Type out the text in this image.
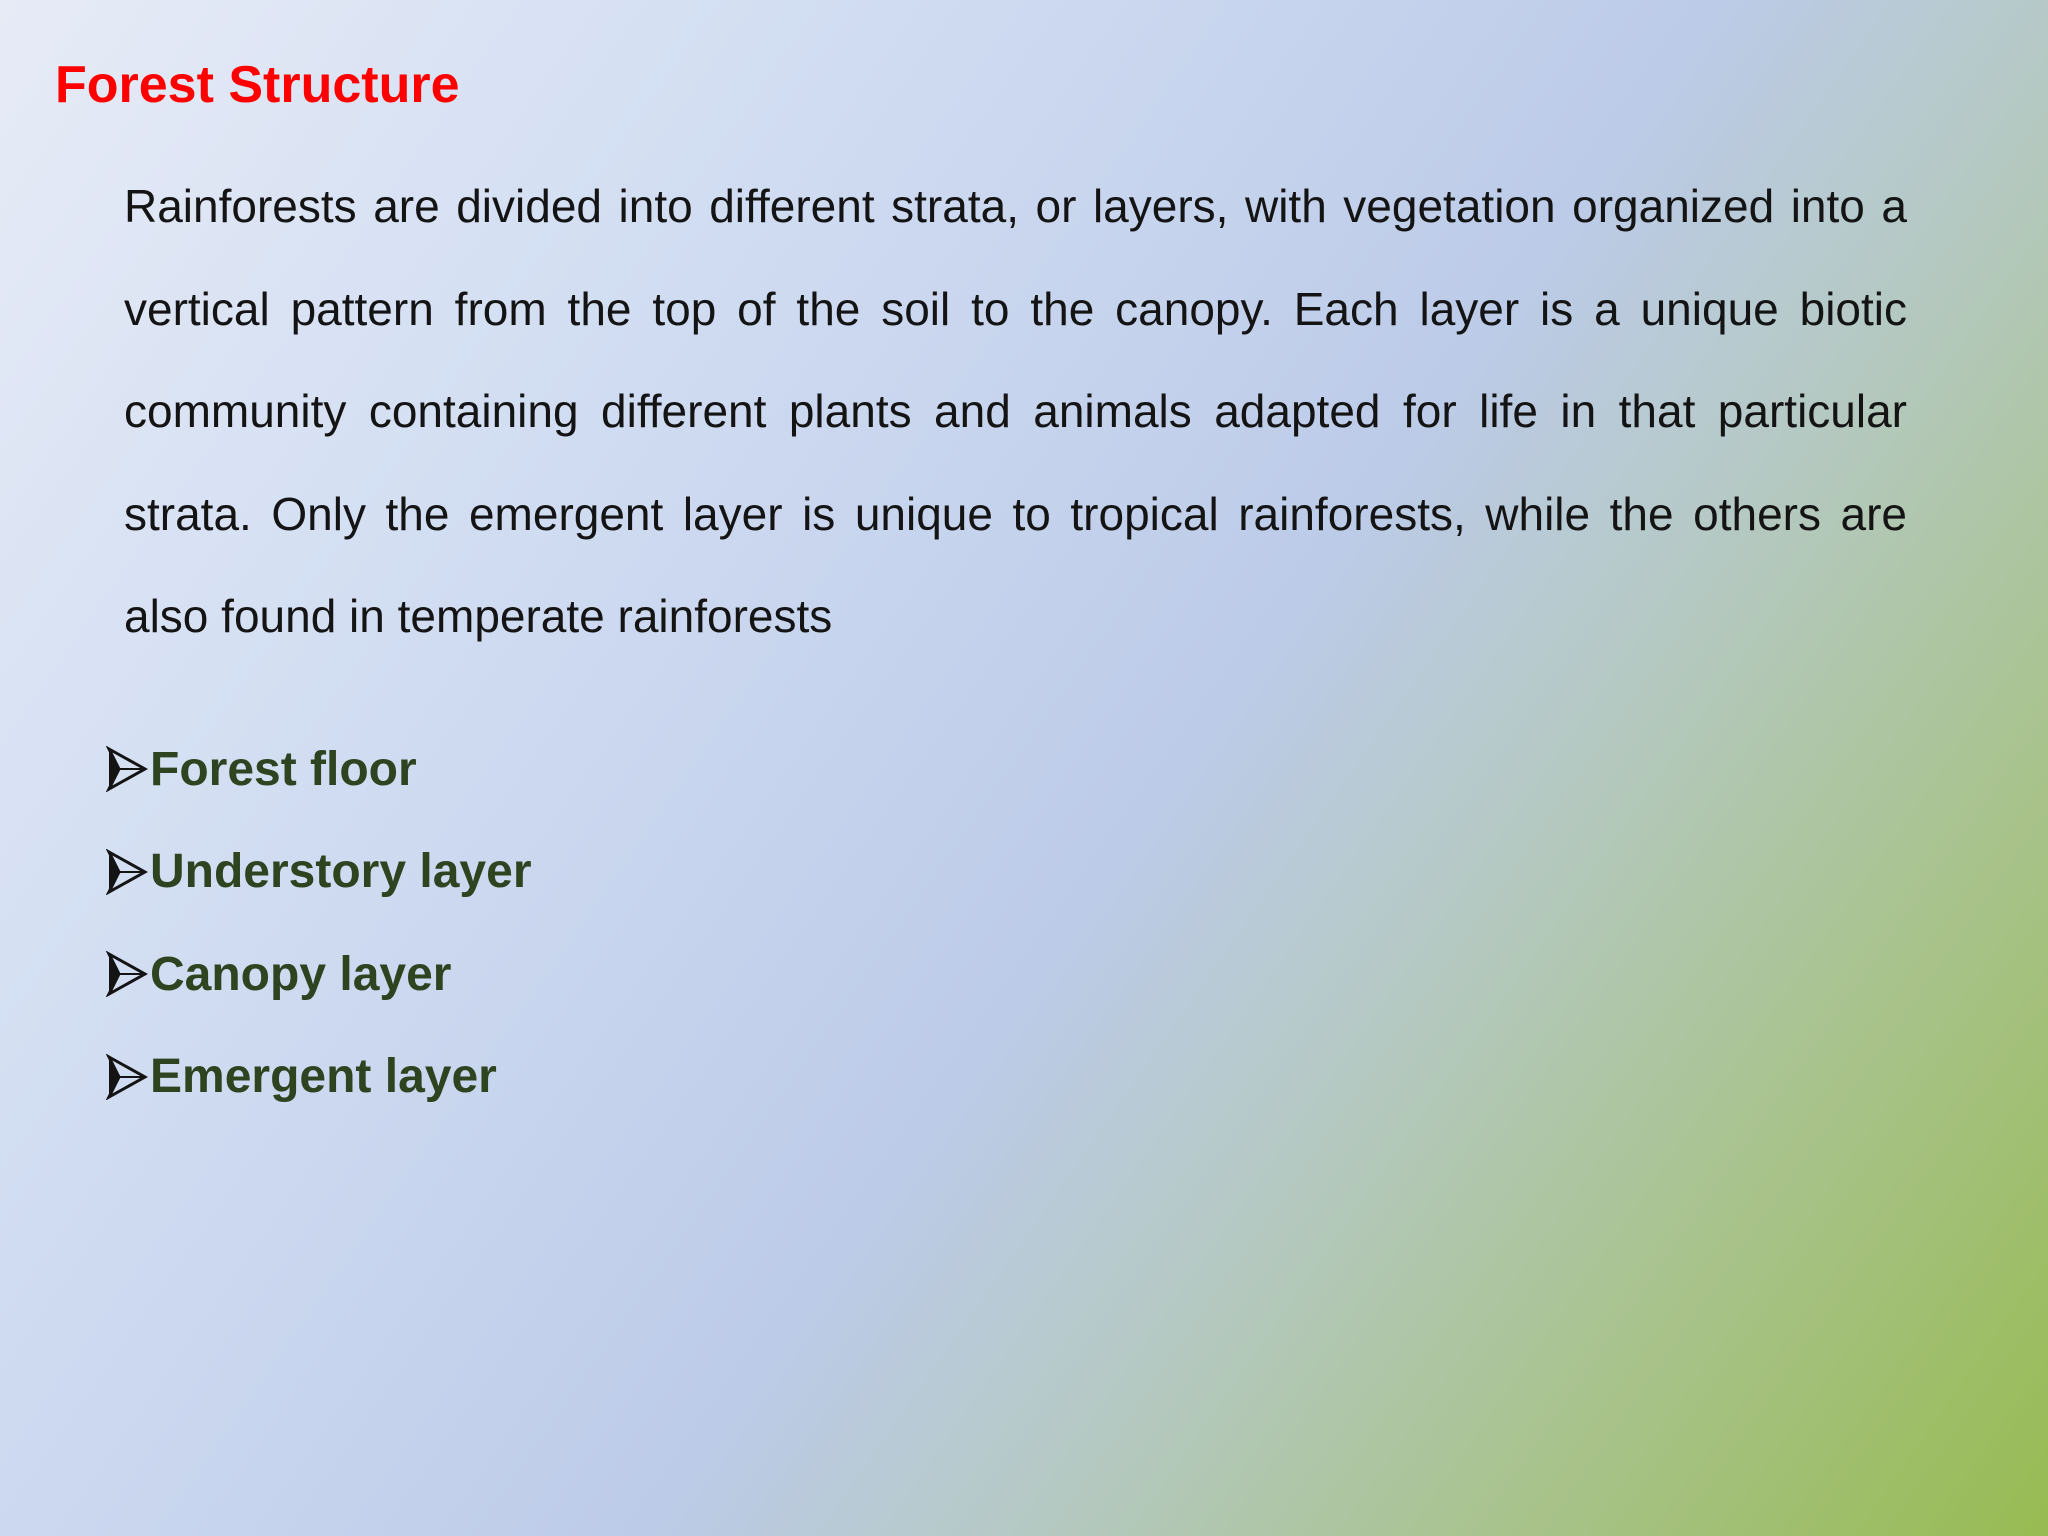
Forest Structure

Rainforests are divided into different strata, or layers, with vegetation organized into a vertical pattern from the top of the soil to the canopy. Each layer is a unique biotic community containing different plants and animals adapted for life in that particular strata. Only the emergent layer is unique to tropical rainforests, while the others are also found in temperate rainforests

Forest floor
Understory layer
Canopy layer
Emergent layer
